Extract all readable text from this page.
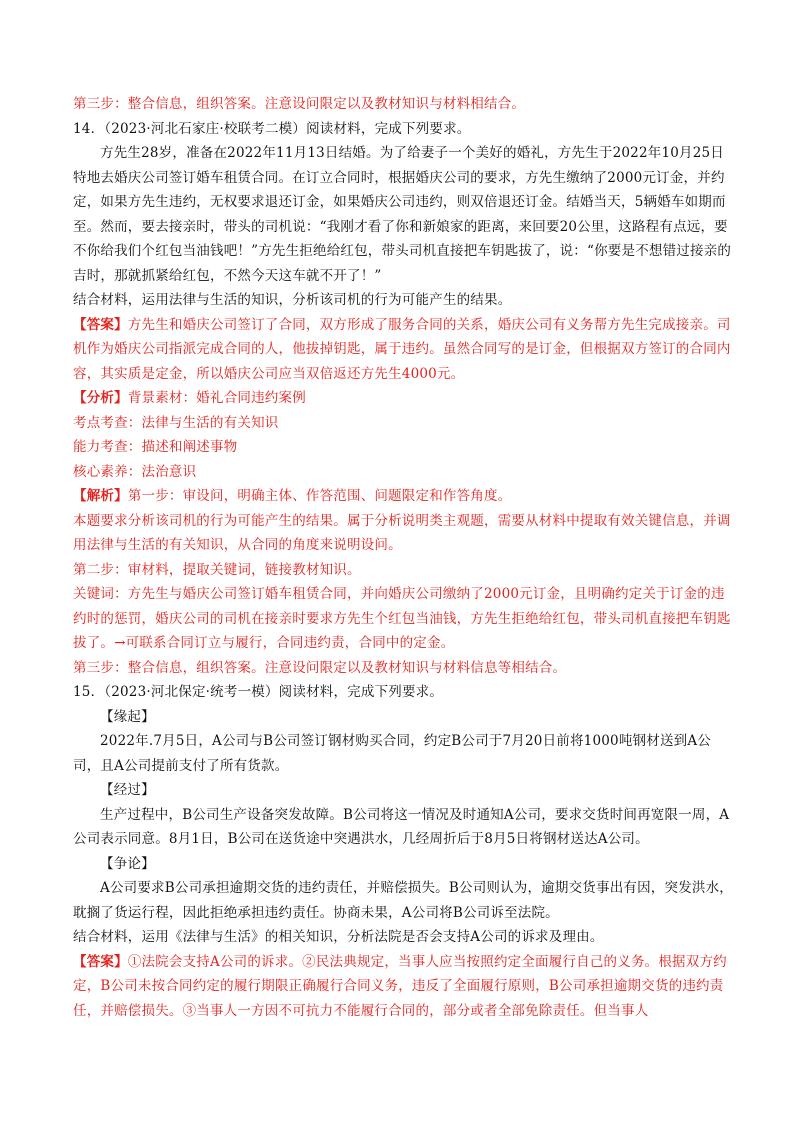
第三步：整合信息，组织答案。注意设问限定以及教材知识与材料相结合。

14．（2023·河北石家庄·校联考二模）阅读材料，完成下列要求。

方先生28岁，准备在2022年11月13日结婚。为了给妻子一个美好的婚礼，方先生于2022年10月25日特地去婚庆公司签订婚车租赁合同。在订立合同时，根据婚庆公司的要求，方先生缴纳了2000元订金，并约定，如果方先生违约，无权要求退还订金，如果婚庆公司违约，则双倍退还订金。结婚当天，5辆婚车如期而至。然而，要去接亲时，带头的司机说：“我刚才看了你和新娘家的距离，来回要20公里，这路程有点远，要不你给我们个红包当油钱吧！”方先生拒绝给红包，带头司机直接把车钥匙拔了，说：“你要是不想错过接亲的吉时，那就抓紧给红包，不然今天这车就不开了！”

结合材料，运用法律与生活的知识，分析该司机的行为可能产生的结果。

【答案】方先生和婚庆公司签订了合同，双方形成了服务合同的关系，婚庆公司有义务帮方先生完成接亲。司机作为婚庆公司指派完成合同的人，他拔掉钥匙，属于违约。虽然合同写的是订金，但根据双方签订的合同内容，其实质是定金，所以婚庆公司应当双倍返还方先生4000元。

【分析】背景素材：婚礼合同违约案例

考点考查：法律与生活的有关知识

能力考查：描述和阐述事物

核心素养：法治意识

【解析】第一步：审设问，明确主体、作答范围、问题限定和作答角度。

本题要求分析该司机的行为可能产生的结果。属于分析说明类主观题，需要从材料中提取有效关键信息，并调用法律与生活的有关知识，从合同的角度来说明设问。

第二步：审材料，提取关键词，链接教材知识。

关键词：方先生与婚庆公司签订婚车租赁合同，并向婚庆公司缴纳了2000元订金，且明确约定关于订金的违约时的惩罚，婚庆公司的司机在接亲时要求方先生个红包当油钱，方先生拒绝给红包，带头司机直接把车钥匙拔了。→可联系合同订立与履行，合同违约责，合同中的定金。

第三步：整合信息，组织答案。注意设问限定以及教材知识与材料信息等相结合。

15．（2023·河北保定·统考一模）阅读材料，完成下列要求。

【缘起】

2022年.7月5日，A公司与B公司签订钢材购买合同，约定B公司于7月20日前将1000吨钢材送到A公司，且A公司提前支付了所有货款。

【经过】

生产过程中，B公司生产设备突发故障。B公司将这一情况及时通知A公司，要求交货时间再宽限一周，A公司表示同意。8月1日，B公司在送货途中突遇洪水，几经周折后于8月5日将钢材送达A公司。

【争论】

A公司要求B公司承担逾期交货的违约责任，并赔偿损失。B公司则认为，逾期交货事出有因，突发洪水，耽搁了货运行程，因此拒绝承担违约责任。协商未果，A公司将B公司诉至法院。

结合材料，运用《法律与生活》的相关知识，分析法院是否会支持A公司的诉求及理由。

【答案】①法院会支持A公司的诉求。②民法典规定，当事人应当按照约定全面履行自己的义务。根据双方约定，B公司未按合同约定的履行期限正确履行合同义务，违反了全面履行原则，B公司承担逾期交货的违约责任，并赔偿损失。③当事人一方因不可抗力不能履行合同的，部分或者全部免除责任。但当事人
